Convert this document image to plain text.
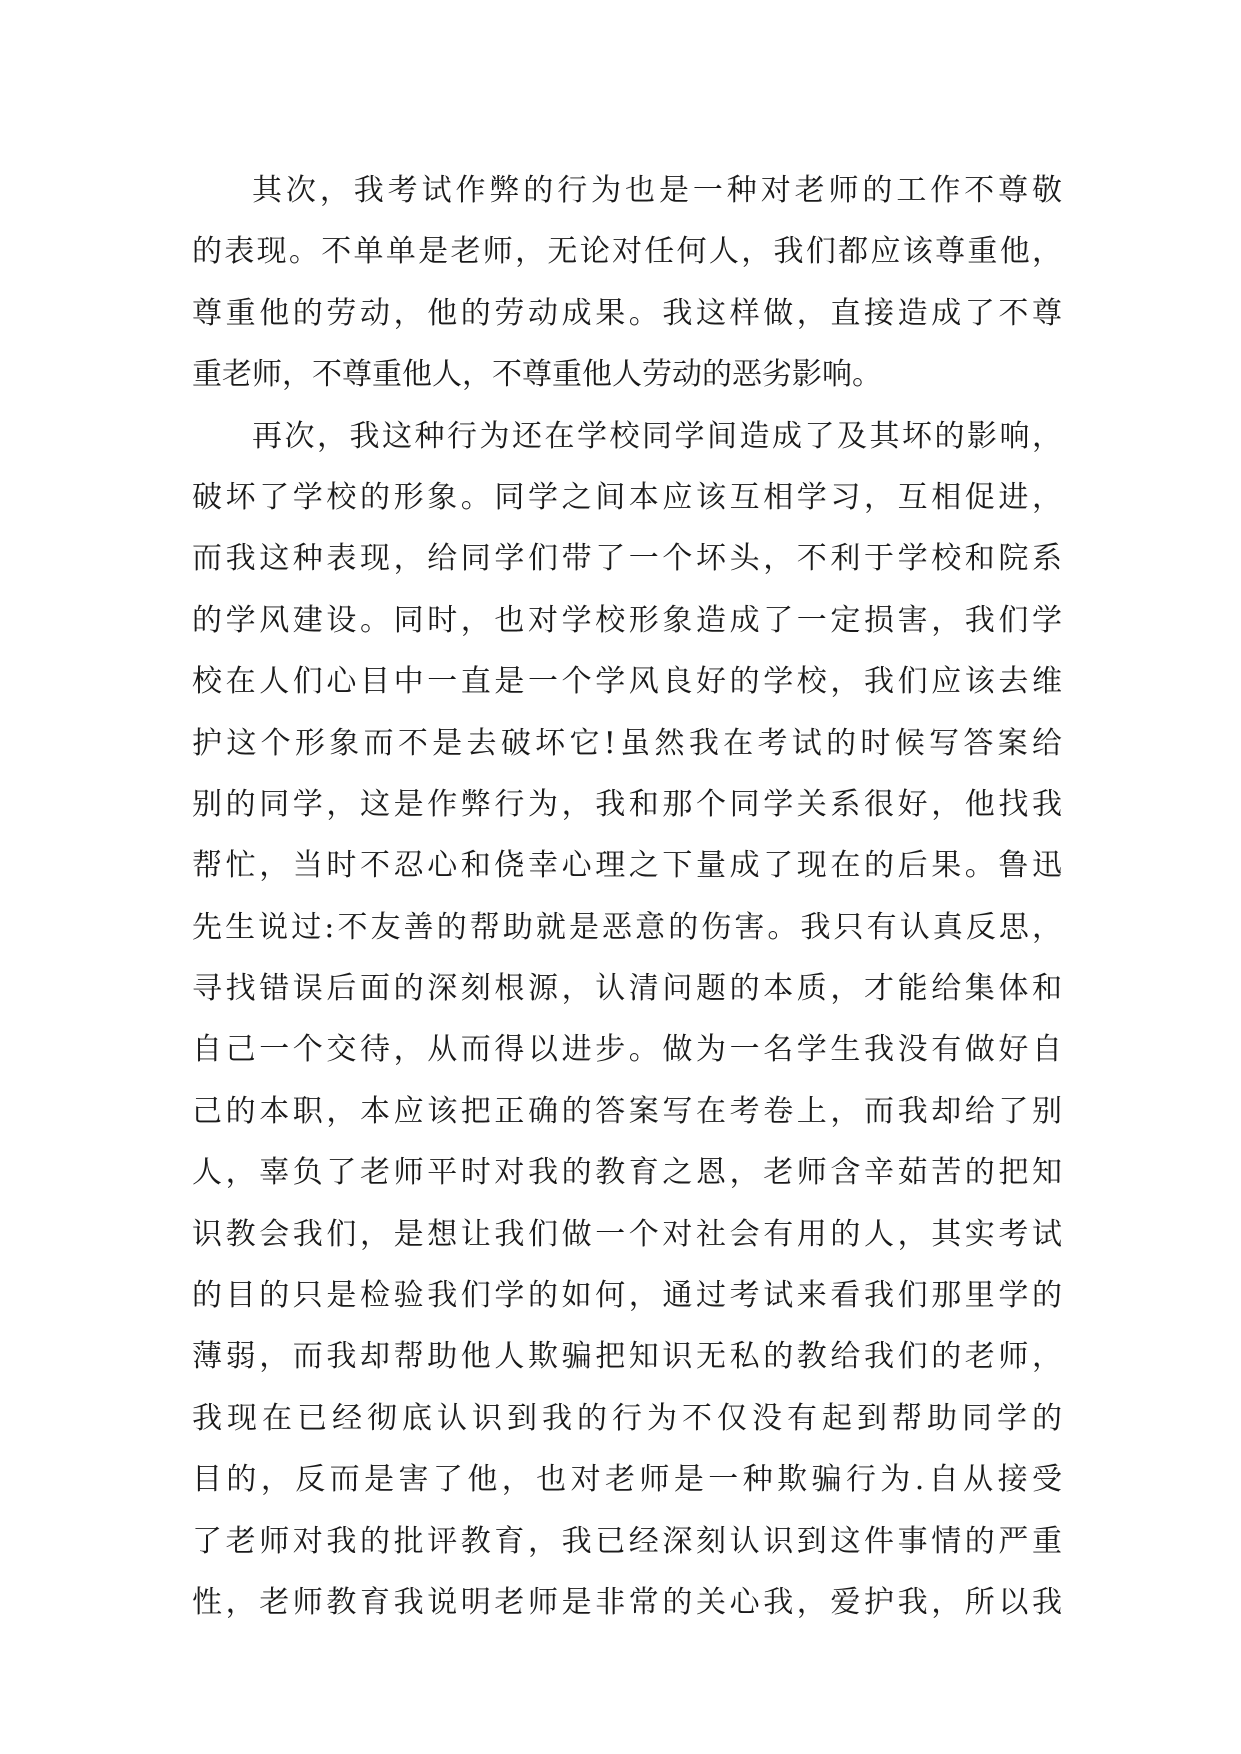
其次，我考试作弊的行为也是一种对老师的工作不尊敬
的表现。不单单是老师，无论对任何人，我们都应该尊重他，
尊重他的劳动，他的劳动成果。我这样做，直接造成了不尊
重老师，不尊重他人，不尊重他人劳动的恶劣影响。
再次，我这种行为还在学校同学间造成了及其坏的影响，
破坏了学校的形象。同学之间本应该互相学习，互相促进，
而我这种表现，给同学们带了一个坏头，不利于学校和院系
的学风建设。同时，也对学校形象造成了一定损害，我们学
校在人们心目中一直是一个学风良好的学校，我们应该去维
护这个形象而不是去破坏它!虽然我在考试的时候写答案给
别的同学，这是作弊行为，我和那个同学关系很好，他找我
帮忙，当时不忍心和侥幸心理之下量成了现在的后果。鲁迅
先生说过:不友善的帮助就是恶意的伤害。我只有认真反思，
寻找错误后面的深刻根源，认清问题的本质，才能给集体和
自己一个交待，从而得以进步。做为一名学生我没有做好自
己的本职，本应该把正确的答案写在考卷上，而我却给了别
人，辜负了老师平时对我的教育之恩，老师含辛茹苦的把知
识教会我们，是想让我们做一个对社会有用的人，其实考试
的目的只是检验我们学的如何，通过考试来看我们那里学的
薄弱，而我却帮助他人欺骗把知识无私的教给我们的老师，
我现在已经彻底认识到我的行为不仅没有起到帮助同学的
目的，反而是害了他，也对老师是一种欺骗行为.自从接受
了老师对我的批评教育，我已经深刻认识到这件事情的严重
性，老师教育我说明老师是非常的关心我，爱护我，所以我
